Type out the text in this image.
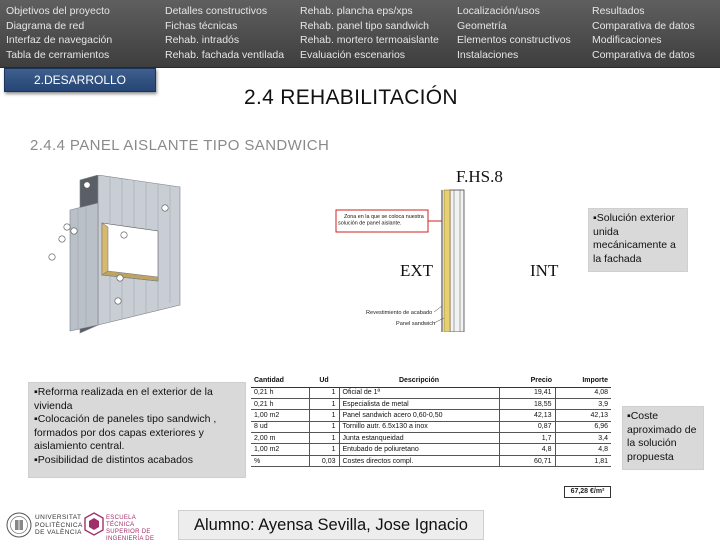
Objetivos del proyecto
Diagrama de red
Interfaz de navegación
Tabla de cerramientos
Detalles constructivos
Fichas técnicas
Rehab. intradós
Rehab. fachada ventilada
Rehab. plancha eps/xps
Rehab. panel tipo sandwich
Rehab. mortero termoaislante
Evaluación escenarios
Localización/usos
Geometría
Elementos constructivos
Instalaciones
Resultados
Comparativa de datos
Modificaciones
Comparativa de datos
2.DESARROLLO
2.4 REHABILITACIÓN
2.4.4 PANEL AISLANTE TIPO SANDWICH
F.HS.8
Zona en la que se coloca nuestra solución de panel aislante.
EXT	INT
Revestimiento de acabado
Panel sandwich
▪Solución exterior unida mecánicamente a la fachada
▪Reforma realizada en el exterior de la vivienda
▪Colocación de paneles tipo sandwich , formados por dos capas exteriores y aislamiento central.
▪Posibilidad de distintos acabados
▪Coste aproximado de la solución propuesta
Cantidad	Ud	Descripción	Precio	Importe
0,21 h	1	Oficial de 1ª	19,41	4,08
0,21 h	1	Especialista de metal	18,55	3,9
1,00 m2	1	Panel sandwich acero 0,60-0,50	42,13	42,13
8 ud	1	Tornillo autr. 6.5x130 a inox	0,87	6,96
2,00 m	1	Junta estanqueidad	1,7	3,4
1,00 m2	1	Entubado de poliuretano	4,8	4,8
%	0,03	Costes directos compl.	60,71	1,81
67,28 €/m²
UNIVERSITAT
POLITÈCNICA
DE VALÈNCIA
ESCUELA TÉCNICA
SUPERIOR DE
INGENIERÍA DE
Alumno: Ayensa Sevilla, Jose Ignacio
